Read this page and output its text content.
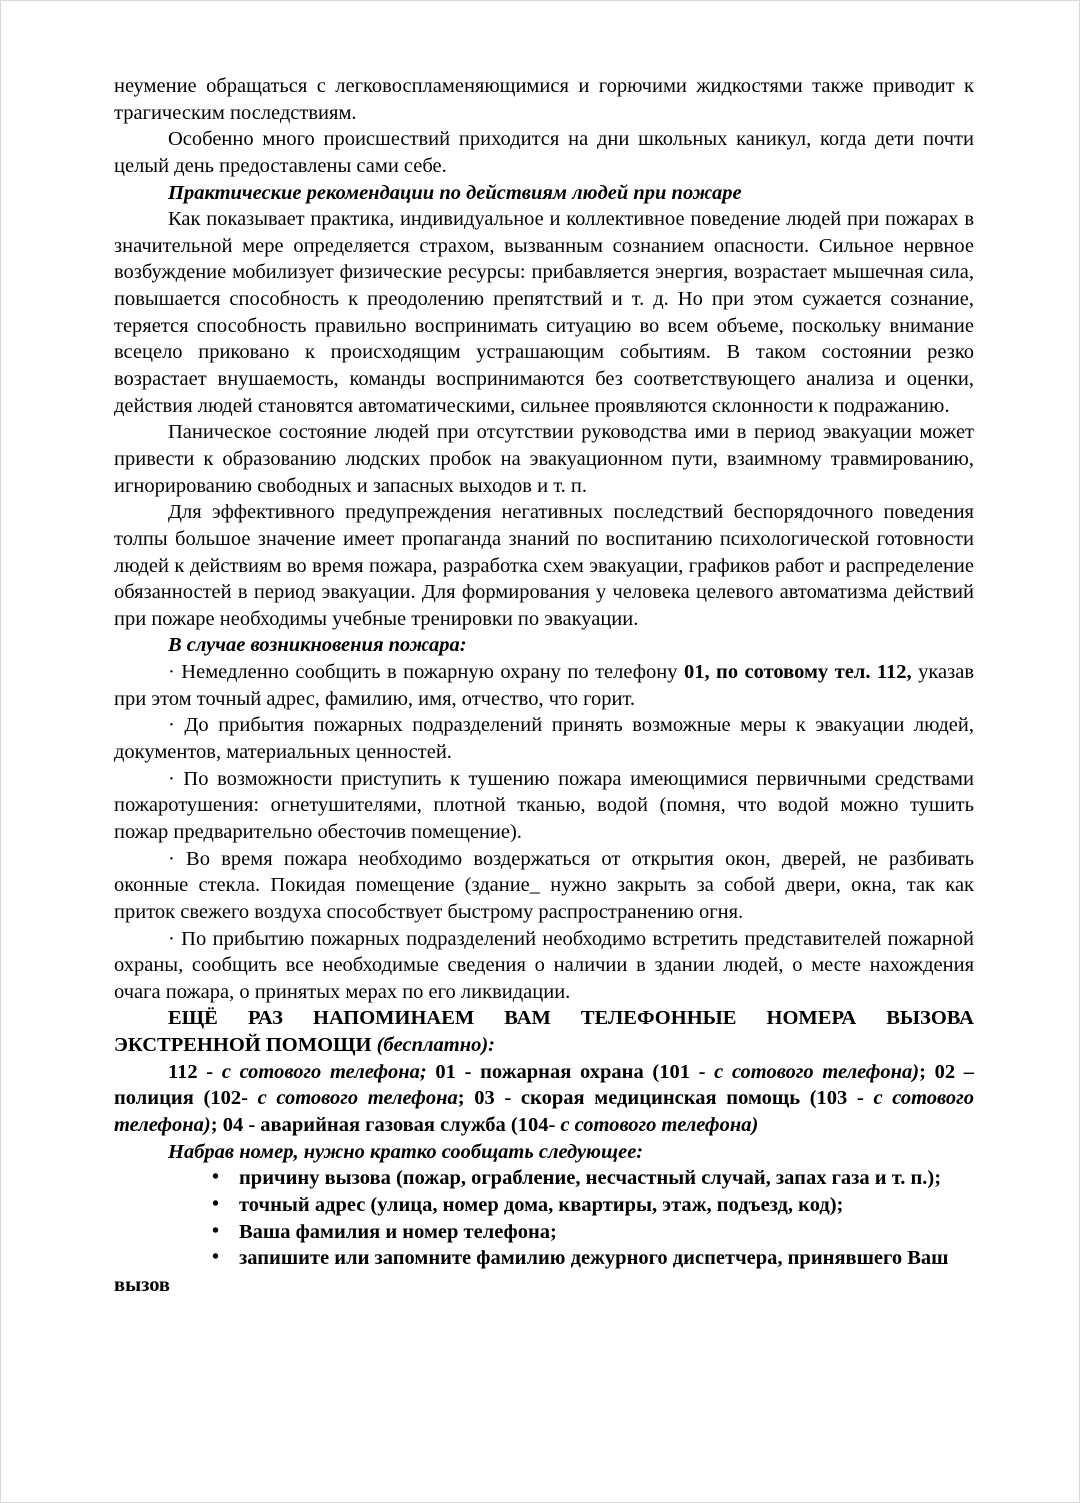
неумение обращаться с легковоспламеняющимися и горючими жидкостями также приводит к трагическим последствиям.

Особенно много происшествий приходится на дни школьных каникул, когда дети почти целый день предоставлены сами себе.

Практические рекомендации по действиям людей при пожаре

Как показывает практика, индивидуальное и коллективное поведение людей при пожарах в значительной мере определяется страхом, вызванным сознанием опасности. Сильное нервное возбуждение мобилизует физические ресурсы: прибавляется энергия, возрастает мышечная сила, повышается способность к преодолению препятствий и т. д. Но при этом сужается сознание, теряется способность правильно воспринимать ситуацию во всем объеме, поскольку внимание всецело приковано к происходящим устрашающим событиям. В таком состоянии резко возрастает внушаемость, команды воспринимаются без соответствующего анализа и оценки, действия людей становятся автоматическими, сильнее проявляются склонности к подражанию.

Паническое состояние людей при отсутствии руководства ими в период эвакуации может привести к образованию людских пробок на эвакуационном пути, взаимному травмированию, игнорированию свободных и запасных выходов и т. п.

Для эффективного предупреждения негативных последствий беспорядочного поведения толпы большое значение имеет пропаганда знаний по воспитанию психологической готовности людей к действиям во время пожара, разработка схем эвакуации, графиков работ и распределение обязанностей в период эвакуации. Для формирования у человека целевого автоматизма действий при пожаре необходимы учебные тренировки по эвакуации.

В случае возникновения пожара:

· Немедленно сообщить в пожарную охрану по телефону 01, по сотовому тел. 112, указав при этом точный адрес, фамилию, имя, отчество, что горит.

· До прибытия пожарных подразделений принять возможные меры к эвакуации людей, документов, материальных ценностей.

· По возможности приступить к тушению пожара имеющимися первичными средствами пожаротушения: огнетушителями, плотной тканью, водой (помня, что водой можно тушить пожар предварительно обесточив помещение).

· Во время пожара необходимо воздержаться от открытия окон, дверей, не разбивать оконные стекла. Покидая помещение (здание_ нужно закрыть за собой двери, окна, так как приток свежего воздуха способствует быстрому распространению огня.

· По прибытию пожарных подразделений необходимо встретить представителей пожарной охраны, сообщить все необходимые сведения о наличии в здании людей, о месте нахождения очага пожара, о принятых мерах по его ликвидации.

ЕЩЁ РАЗ НАПОМИНАЕМ ВАМ ТЕЛЕФОННЫЕ НОМЕРА ВЫЗОВА ЭКСТРЕННОЙ ПОМОЩИ (бесплатно):

112 - с сотового телефона; 01 - пожарная охрана (101 - с сотового телефона); 02 – полиция (102- с сотового телефона; 03 - скорая медицинская помощь (103 - с сотового телефона); 04 - аварийная газовая служба (104- с сотового телефона)

Набрав номер, нужно кратко сообщать следующее:

• причину вызова (пожар, ограбление, несчастный случай, запах газа и т. п.);
• точный адрес (улица, номер дома, квартиры, этаж, подъезд, код);
• Ваша фамилия и номер телефона;
• запишите или запомните фамилию дежурного диспетчера, принявшего Ваш

вызов
